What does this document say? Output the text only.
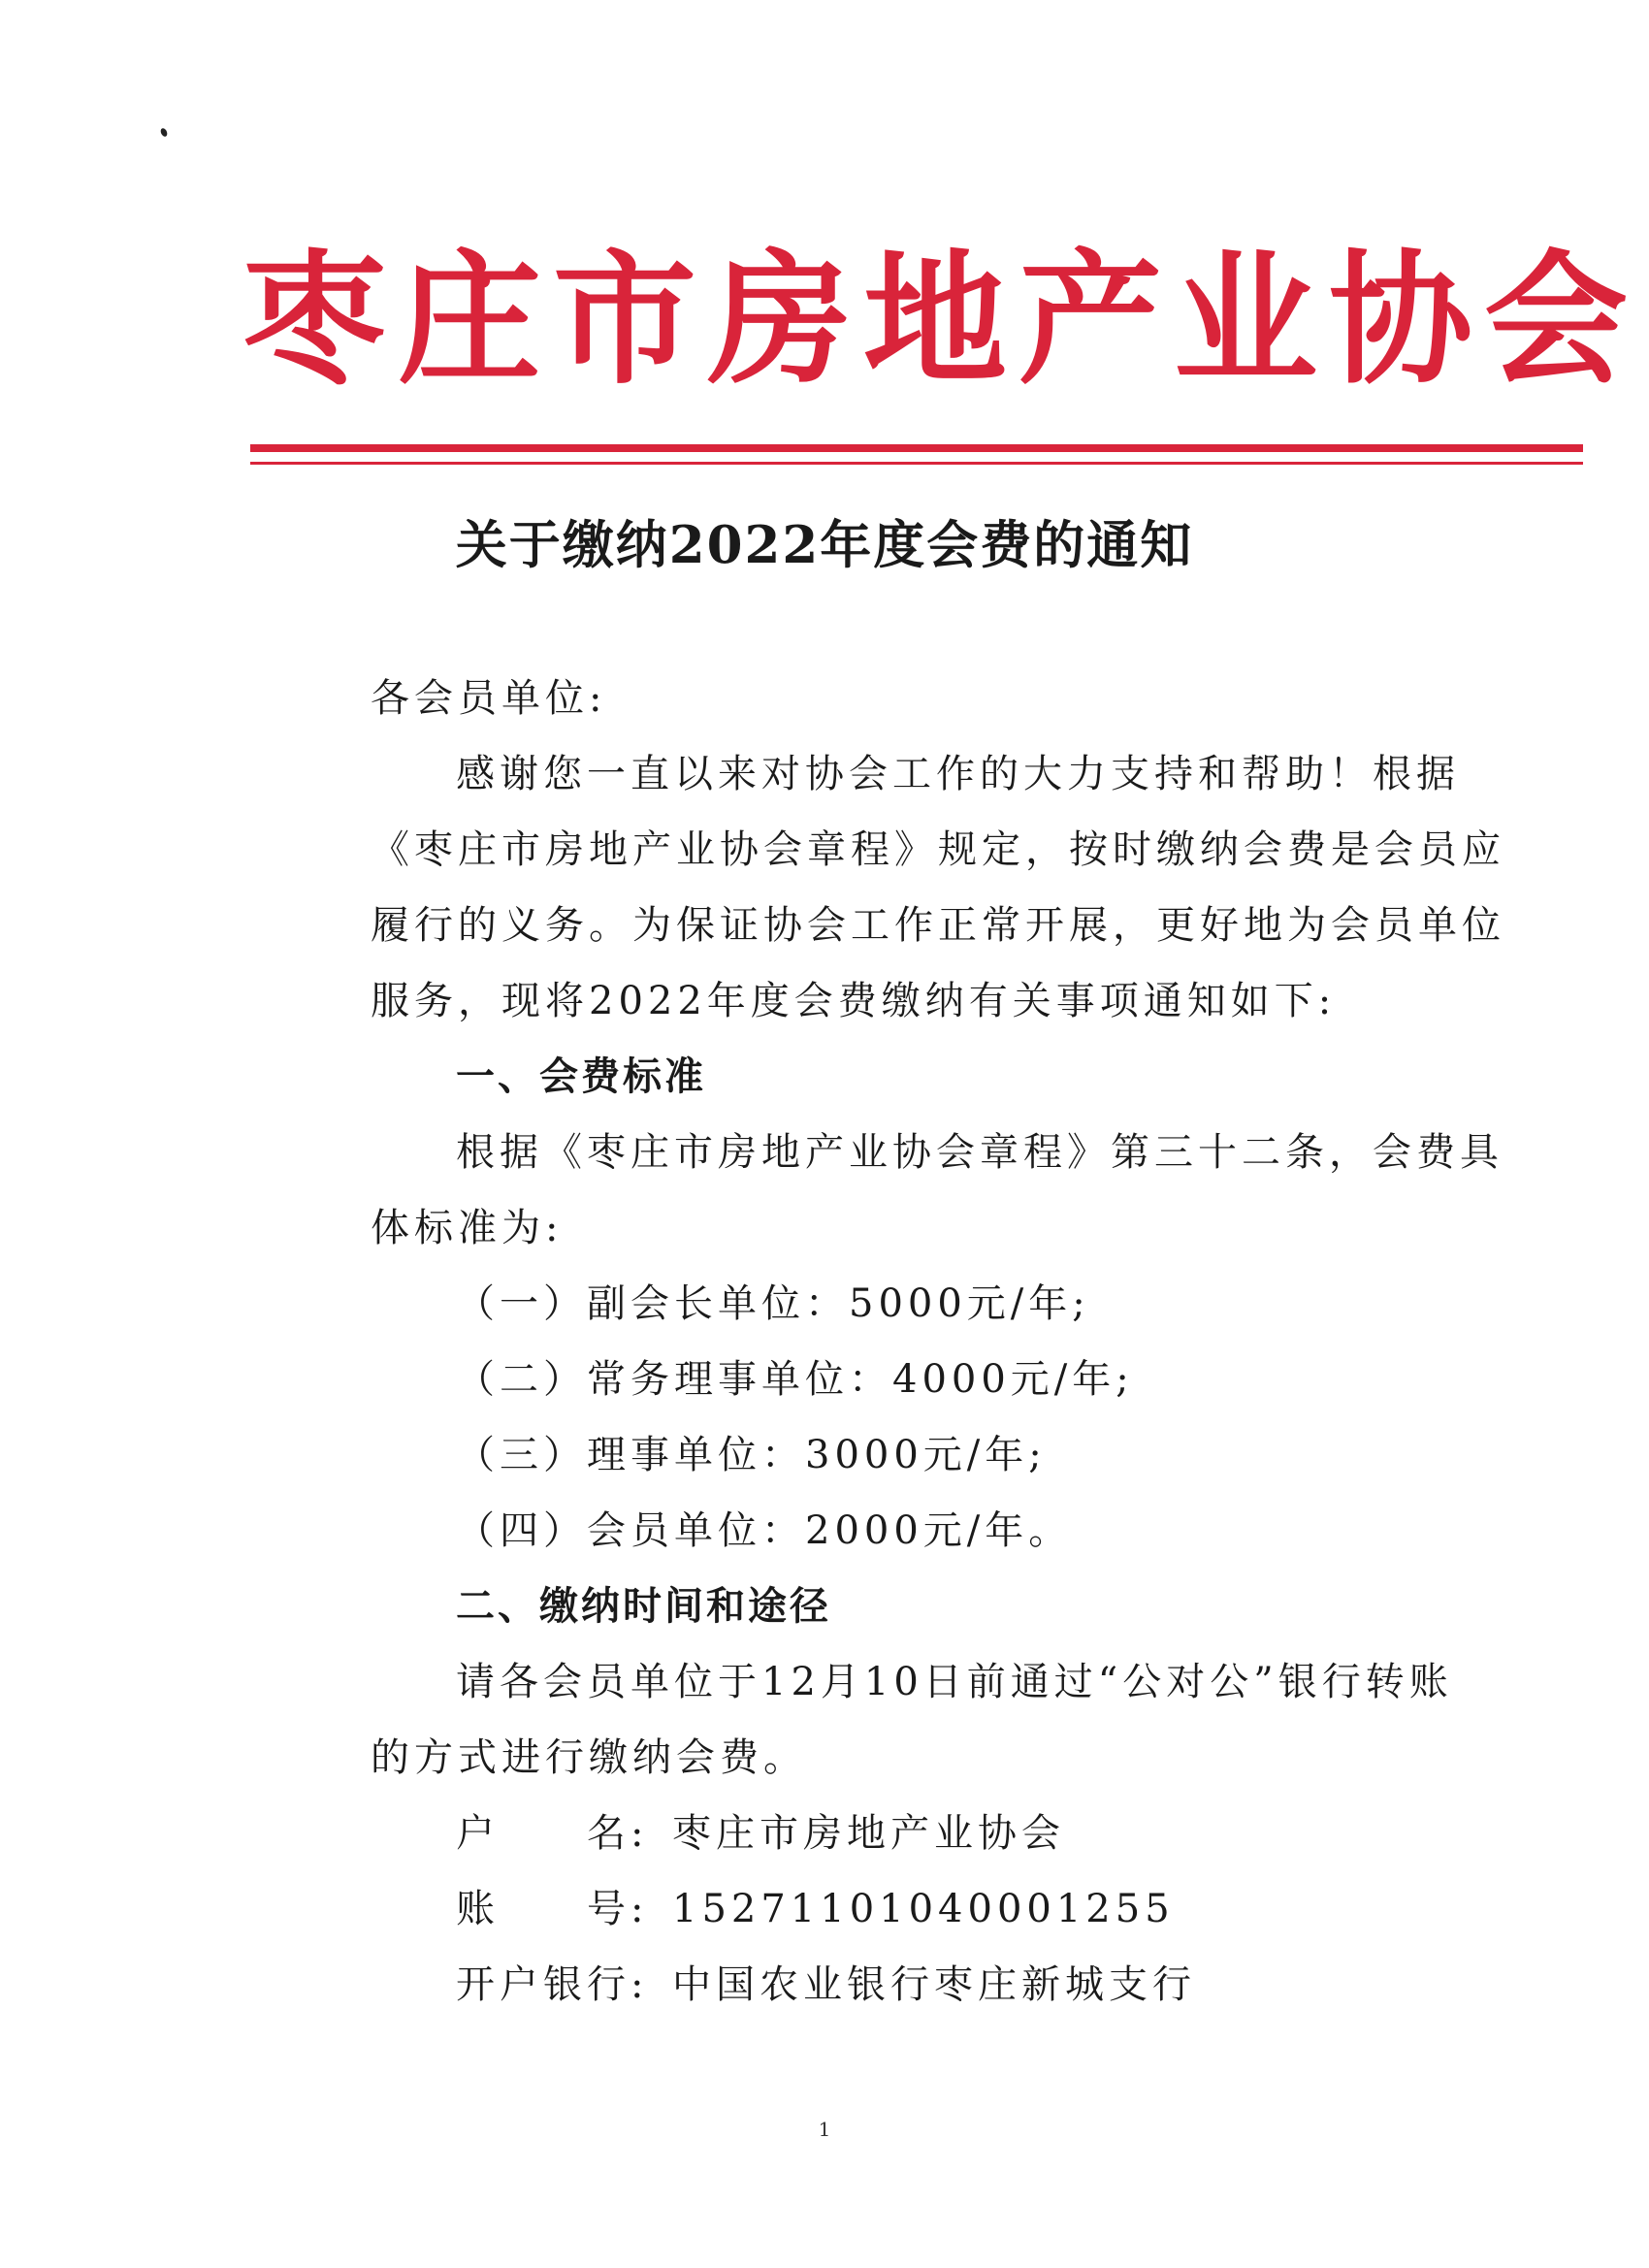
枣庄市房地产业协会
关于缴纳2022年度会费的通知
各会员单位:
感谢您一直以来对协会工作的大力支持和帮助！根据
《枣庄市房地产业协会章程》规定，按时缴纳会费是会员应
履行的义务。为保证协会工作正常开展，更好地为会员单位
服务，现将2022年度会费缴纳有关事项通知如下:
一、会费标准
根据《枣庄市房地产业协会章程》第三十二条，会费具
体标准为:
（一）副会长单位：5000元/年;
（二）常务理事单位：4000元/年;
（三）理事单位：3000元/年;
（四）会员单位：2000元/年。
二、缴纳时间和途径
请各会员单位于12月10日前通过“公对公”银行转账
的方式进行缴纳会费。
户　　名: 枣庄市房地产业协会
账　　号: 15271101040001255
开户银行: 中国农业银行枣庄新城支行
1
